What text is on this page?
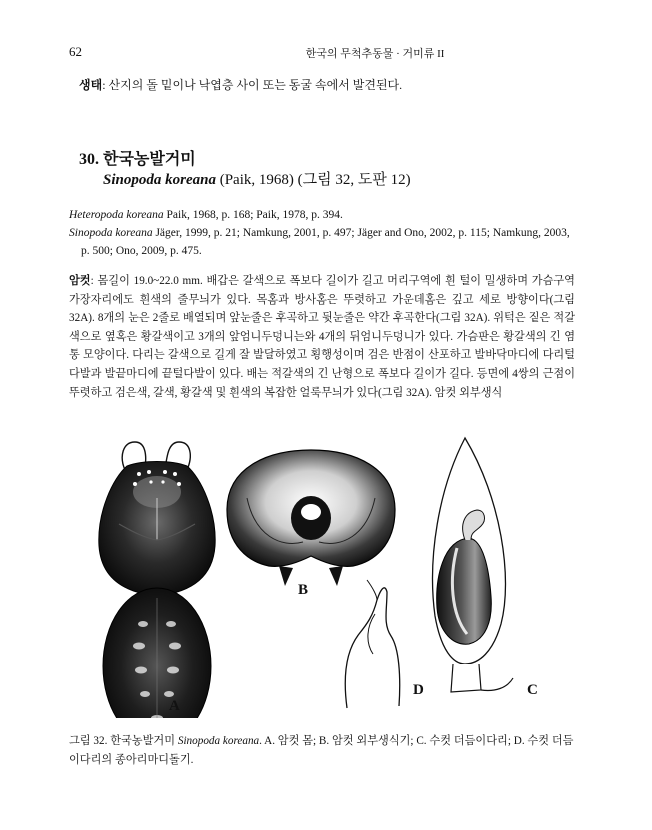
62	한국의 무척추동물 · 거미류 II
생태: 산지의 돌 밑이나 낙엽층 사이 또는 동굴 속에서 발견된다.
30. 한국농발거미
Sinopoda koreana (Paik, 1968) (그림 32, 도판 12)

Heteropoda koreana Paik, 1968, p. 168; Paik, 1978, p. 394.

Sinopoda koreana Jäger, 1999, p. 21; Namkung, 2001, p. 497; Jäger and Ono, 2002, p. 115; Namkung, 2003, p. 500; Ono, 2009, p. 475.

암컷: 몸길이 19.0~22.0 mm. 배갑은 갈색으로 폭보다 길이가 길고 머리구역에 흰 털이 밀생하며 가슴구역 가장자리에도 흰색의 줄무늬가 있다. 목홈과 방사홈은 뚜렷하고 가운데홈은 깊고 세로 방향이다(그림 32A). 8개의 눈은 2줄로 배열되며 앞눈줄은 후곡하고 뒷눈줄은 약간 후곡한다(그림 32A). 위턱은 짙은 적갈색으로 옆혹은 황갈색이고 3개의 앞엄니두덩니는와 4개의 뒤엄니두덩니가 있다. 가슴판은 황갈색의 긴 염통 모양이다. 다리는 갈색으로 길게 잘 발달하였고 횡행성이며 검은 반점이 산포하고 발바닥마디에 다리털다발과 발끝마디에 끝털다발이 있다. 배는 적갈색의 긴 난형으로 폭보다 길이가 길다. 등면에 4쌍의 근점이 뚜렷하고 검은색, 갈색, 황갈색 및 흰색의 복잡한 얼룩무늬가 있다(그림 32A). 암컷 외부생식
A
B
C
D
그림 32. 한국농발거미 Sinopoda koreana. A. 암컷 몸; B. 암컷 외부생식기; C. 수컷 더듬이다리; D. 수컷 더듬이다리의 종아리마디돌기.
